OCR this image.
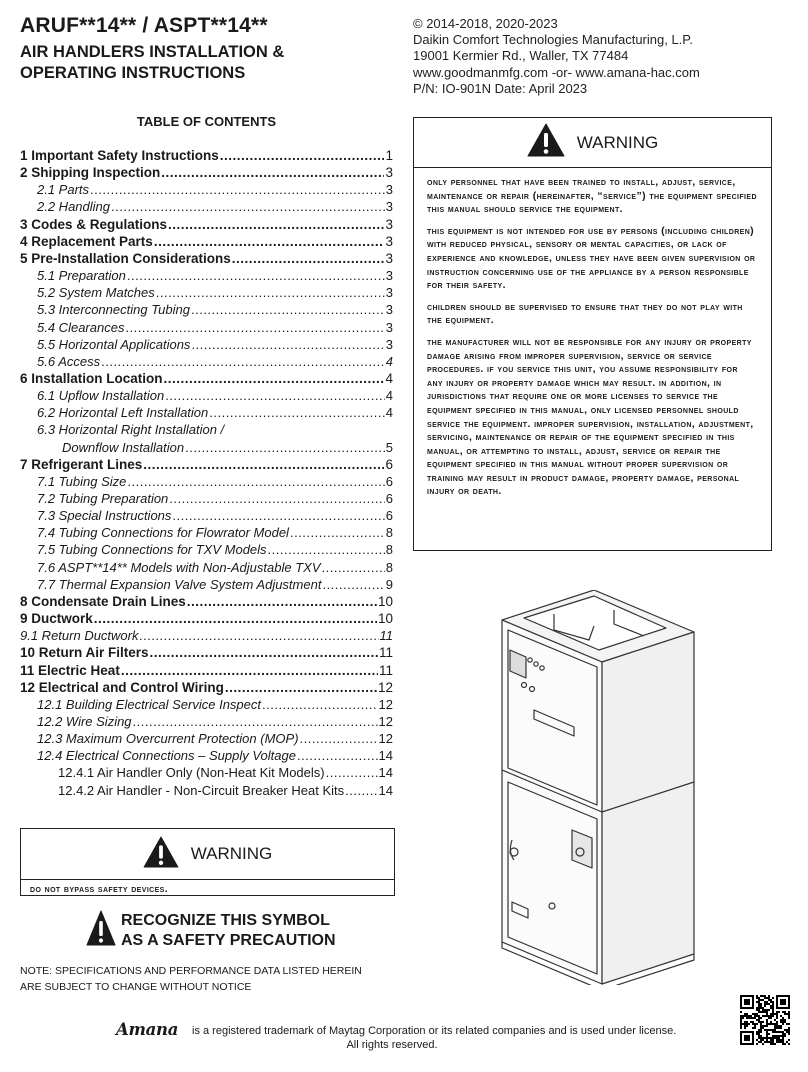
ARUF**14** / ASPT**14**
AIR HANDLERS INSTALLATION &
OPERATING INSTRUCTIONS
© 2014-2018, 2020-2023
Daikin Comfort Technologies Manufacturing, L.P.
19001 Kermier Rd., Waller, TX 77484
www.goodmanmfg.com -or- www.amana-hac.com
P/N: IO-901N Date: April 2023
TABLE OF CONTENTS
1 Important Safety Instructions .....	1
2 Shipping Inspection .....	3
2.1 Parts .....	3
2.2 Handling .....	3
3 Codes & Regulations .....	3
4 Replacement Parts .....	3
5 Pre-Installation Considerations .....	3
5.1 Preparation .....	3
5.2 System Matches .....	3
5.3 Interconnecting Tubing .....	3
5.4 Clearances .....	3
5.5 Horizontal Applications .....	3
5.6 Access .....	4
6 Installation Location .....	4
6.1 Upflow Installation .....	4
6.2 Horizontal Left Installation .....	4
6.3 Horizontal Right Installation /
Downflow Installation .....	5
7 Refrigerant Lines .....	6
7.1 Tubing Size .....	6
7.2 Tubing Preparation .....	6
7.3 Special Instructions .....	6
7.4 Tubing Connections for Flowrator Model .....	8
7.5 Tubing Connections for TXV Models .....	8
7.6 ASPT**14** Models with Non-Adjustable TXV .....	8
7.7 Thermal Expansion Valve System Adjustment .....	9
8 Condensate Drain Lines .....	10
9 Ductwork .....	10
9.1 Return Ductwork .....	11
10 Return Air Filters .....	11
11 Electric Heat .....	11
12 Electrical and Control Wiring .....	12
12.1 Building Electrical Service Inspect .....	12
12.2 Wire Sizing .....	12
12.3 Maximum Overcurrent Protection (MOP) .....	12
12.4 Electrical Connections – Supply Voltage .....	14
12.4.1 Air Handler Only (Non-Heat Kit Models) .....	14
12.4.2 Air Handler - Non-Circuit Breaker Heat Kits .....	14
WARNING

only personnel that have been trained to install, adjust, service, maintenance or repair (hereinafter, “service”) the equipment specified this manual should service the equipment.

this equipment is not intended for use by persons (including children) with reduced physical, sensory or mental capacities, or lack of experience and knowledge, unless they have been given supervision or instruction concerning use of the appliance by a person responsible for their safety.

children should be supervised to ensure that they do not play with the equipment.

the manufacturer will not be responsible for any injury or property damage arising from improper supervision, service or service procedures. if you service this unit, you assume responsibility for any injury or property damage which may result. in addition, in jurisdictions that require one or more licenses to service the equipment specified in this manual, only licensed personnel should service the equipment. improper supervision, installation, adjustment, servicing, maintenance or repair of the equipment specified in this manual, or attempting to install, adjust, service or repair the equipment specified in this manual without proper supervision or training may result in product damage, property damage, personal injury or death.

WARNING
do not bypass safety devices.
RECOGNIZE THIS SYMBOL
AS A SAFETY PRECAUTION
NOTE: SPECIFICATIONS AND PERFORMANCE DATA LISTED HEREIN
ARE SUBJECT TO CHANGE WITHOUT NOTICE
Amana is a registered trademark of Maytag Corporation or its related companies and is used under license.
All rights reserved.
